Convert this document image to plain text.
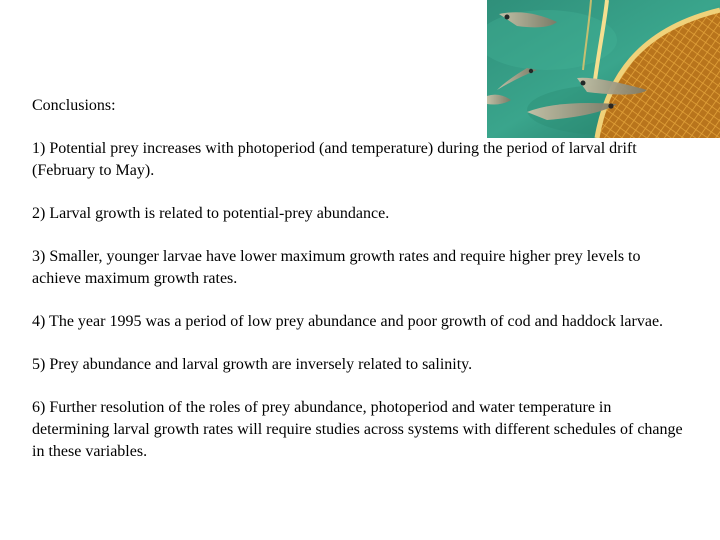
Conclusions:
1) Potential prey increases with photoperiod (and temperature) during the period of larval drift (February to May).
2) Larval growth is related to potential-prey abundance.
3) Smaller, younger larvae have lower maximum growth rates and require higher prey levels to achieve maximum growth rates.
4) The year 1995 was a period of low prey abundance and poor growth of cod and haddock larvae.
5) Prey abundance and larval growth are inversely related to salinity.
6) Further resolution of the roles of prey abundance, photoperiod and water temperature in determining larval growth rates will require studies across systems with different schedules of change in these variables.
